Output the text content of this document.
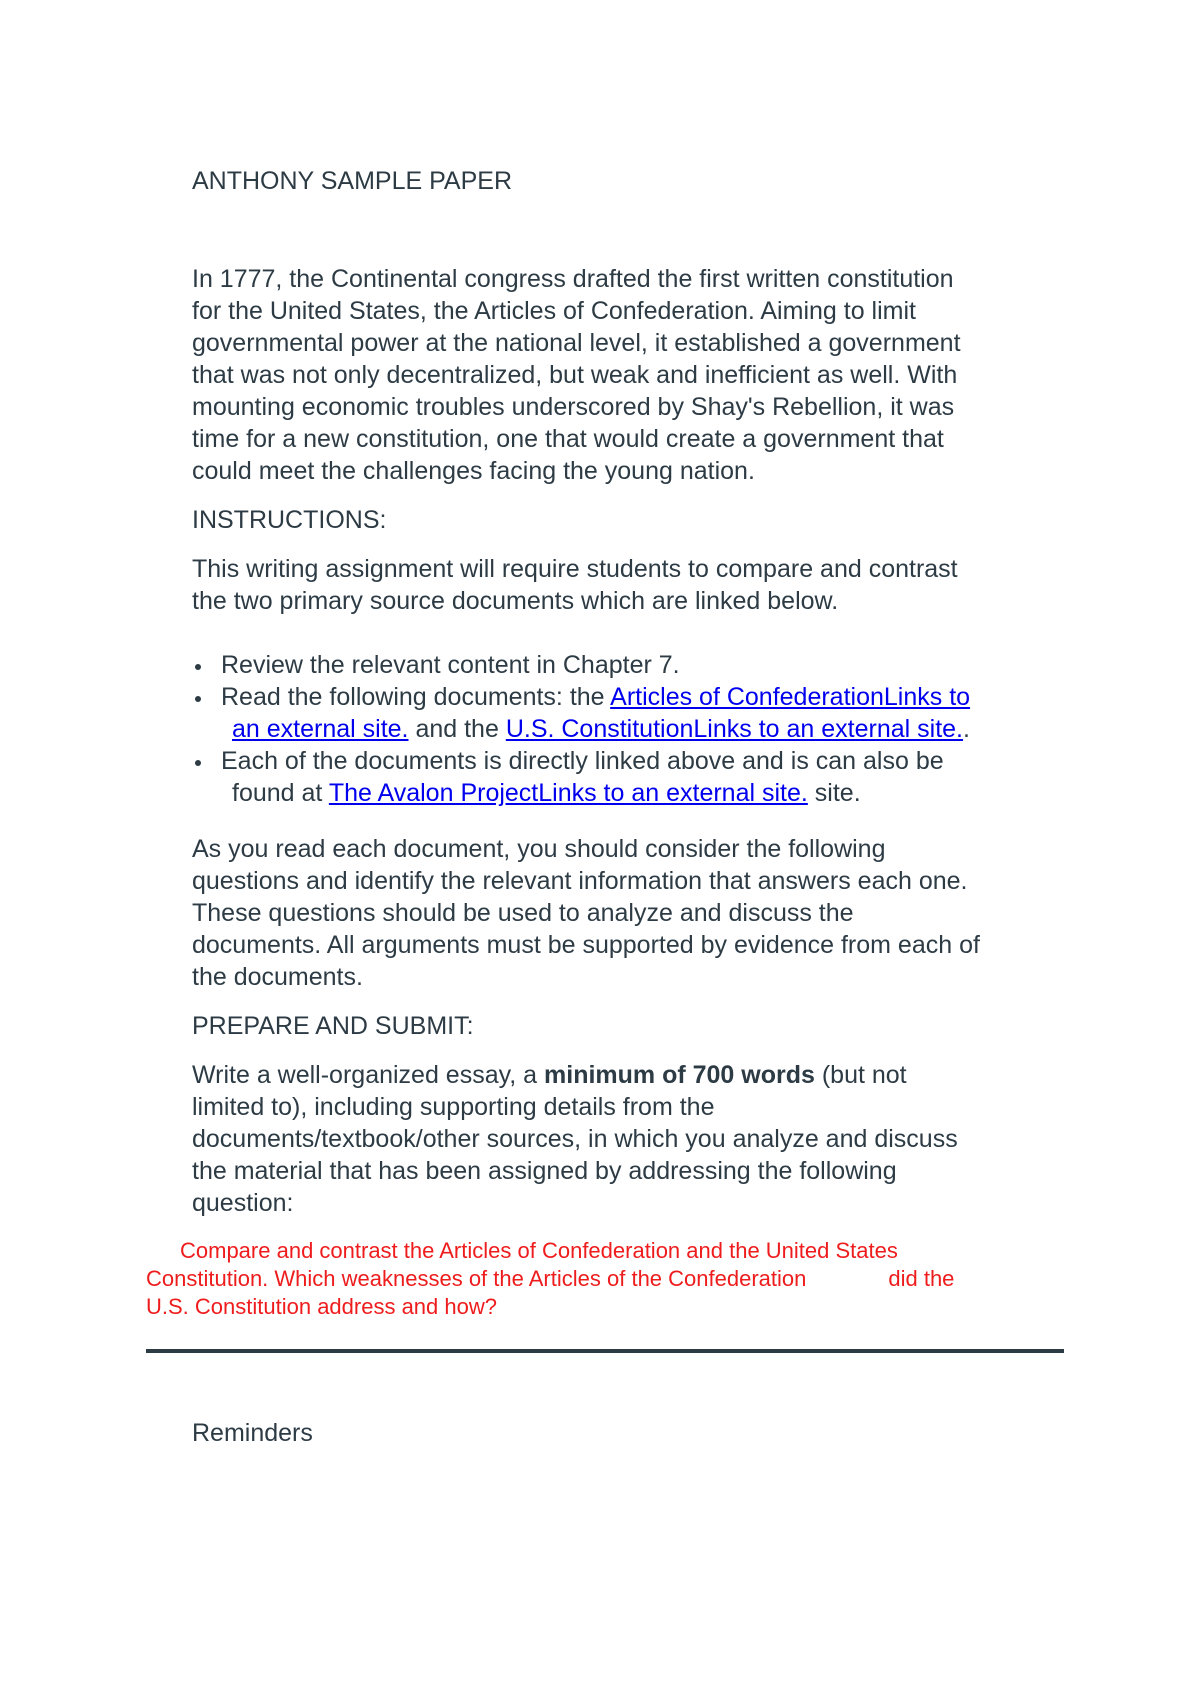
ANTHONY SAMPLE PAPER
In 1777, the Continental congress drafted the first written constitution
for the United States, the Articles of Confederation. Aiming to limit
governmental power at the national level, it established a government
that was not only decentralized, but weak and inefficient as well. With
mounting economic troubles underscored by Shay's Rebellion, it was
time for a new constitution, one that would create a government that
could meet the challenges facing the young nation.
INSTRUCTIONS:
This writing assignment will require students to compare and contrast
the two primary source documents which are linked below.
Review the relevant content in Chapter 7.
Read the following documents: the Articles of ConfederationLinks to
an external site. and the U.S. ConstitutionLinks to an external site..
Each of the documents is directly linked above and is can also be
found at The Avalon ProjectLinks to an external site. site.
As you read each document, you should consider the following
questions and identify the relevant information that answers each one.
These questions should be used to analyze and discuss the
documents. All arguments must be supported by evidence from each of
the documents.
PREPARE AND SUBMIT:
Write a well-organized essay, a minimum of 700 words (but not
limited to), including supporting details from the
documents/textbook/other sources, in which you analyze and discuss
the material that has been assigned by addressing the following
question:
Compare and contrast the Articles of Confederation and the United States
Constitution. Which weaknesses of the Articles of the Confederation	did the
U.S. Constitution address and how?
Reminders
